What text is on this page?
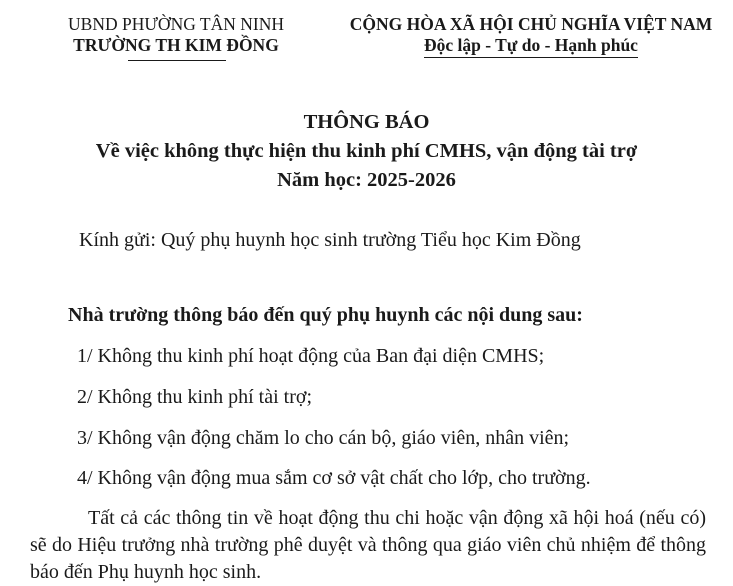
UBND PHƯỜNG TÂN NINH
TRƯỜNG TH KIM ĐỒNG
CỘNG HÒA XÃ HỘI CHỦ NGHĨA VIỆT NAM
Độc lập - Tự do - Hạnh phúc
THÔNG BÁO
Về việc không thực hiện thu kinh phí CMHS, vận động tài trợ
Năm học: 2025-2026
Kính gửi: Quý phụ huynh học sinh trường Tiểu học Kim Đồng
Nhà trường thông báo đến quý phụ huynh các nội dung sau:
1/ Không thu kinh phí hoạt động của Ban đại diện CMHS;
2/ Không thu kinh phí tài trợ;
3/ Không vận động chăm lo cho cán bộ, giáo viên, nhân viên;
4/ Không vận động mua sắm cơ sở vật chất cho lớp, cho trường.
Tất cả các thông tin về hoạt động thu chi hoặc vận động xã hội hoá (nếu có) sẽ do Hiệu trưởng nhà trường phê duyệt và thông qua giáo viên chủ nhiệm để thông báo đến Phụ huynh học sinh.
